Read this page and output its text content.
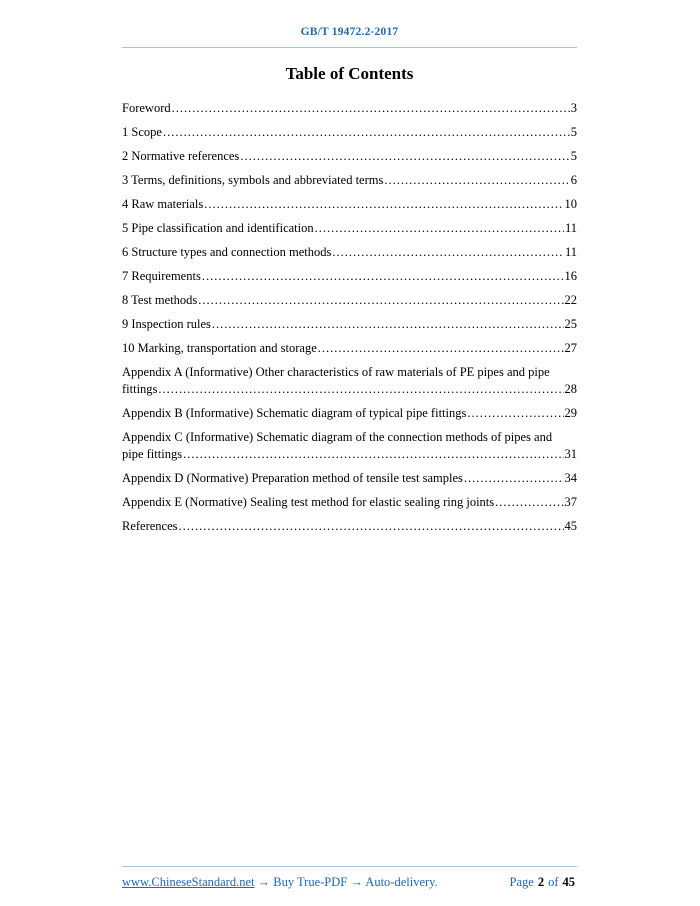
GB/T 19472.2-2017
Table of Contents
Foreword .....	3
1 Scope .....	5
2 Normative references .....	5
3 Terms, definitions, symbols and abbreviated terms .....	6
4 Raw materials .....	10
5 Pipe classification and identification .....	11
6 Structure types and connection methods .....	11
7 Requirements .....	16
8 Test methods .....	22
9 Inspection rules .....	25
10 Marking, transportation and storage .....	27
Appendix A (Informative) Other characteristics of raw materials of PE pipes and pipe
fittings .....	28
Appendix B (Informative) Schematic diagram of typical pipe fittings .....	29
Appendix C (Informative) Schematic diagram of the connection methods of pipes and
pipe fittings .....	31
Appendix D (Normative) Preparation method of tensile test samples .....	34
Appendix E (Normative) Sealing test method for elastic sealing ring joints .....	37
References .....	45
www.ChineseStandard.net → Buy True-PDF → Auto-delivery.	Page 2 of 45
